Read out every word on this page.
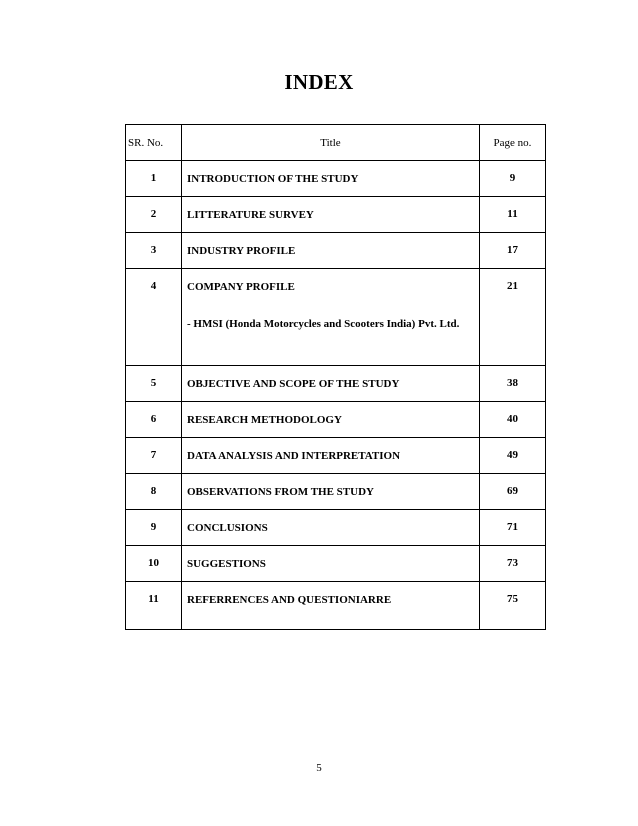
INDEX
SR. No.	Title	Page no.
1	INTRODUCTION OF THE STUDY	9
2	LITTERATURE SURVEY	11
3	INDUSTRY PROFILE	17
4	COMPANY PROFILE
- HMSI (Honda Motorcycles and Scooters India) Pvt. Ltd.	21
5	OBJECTIVE AND SCOPE OF THE STUDY	38
6	RESEARCH METHODOLOGY	40
7	DATA ANALYSIS AND INTERPRETATION	49
8	OBSERVATIONS FROM THE STUDY	69
9	CONCLUSIONS	71
10	SUGGESTIONS	73
11	REFERRENCES AND QUESTIONIARRE	75
5
